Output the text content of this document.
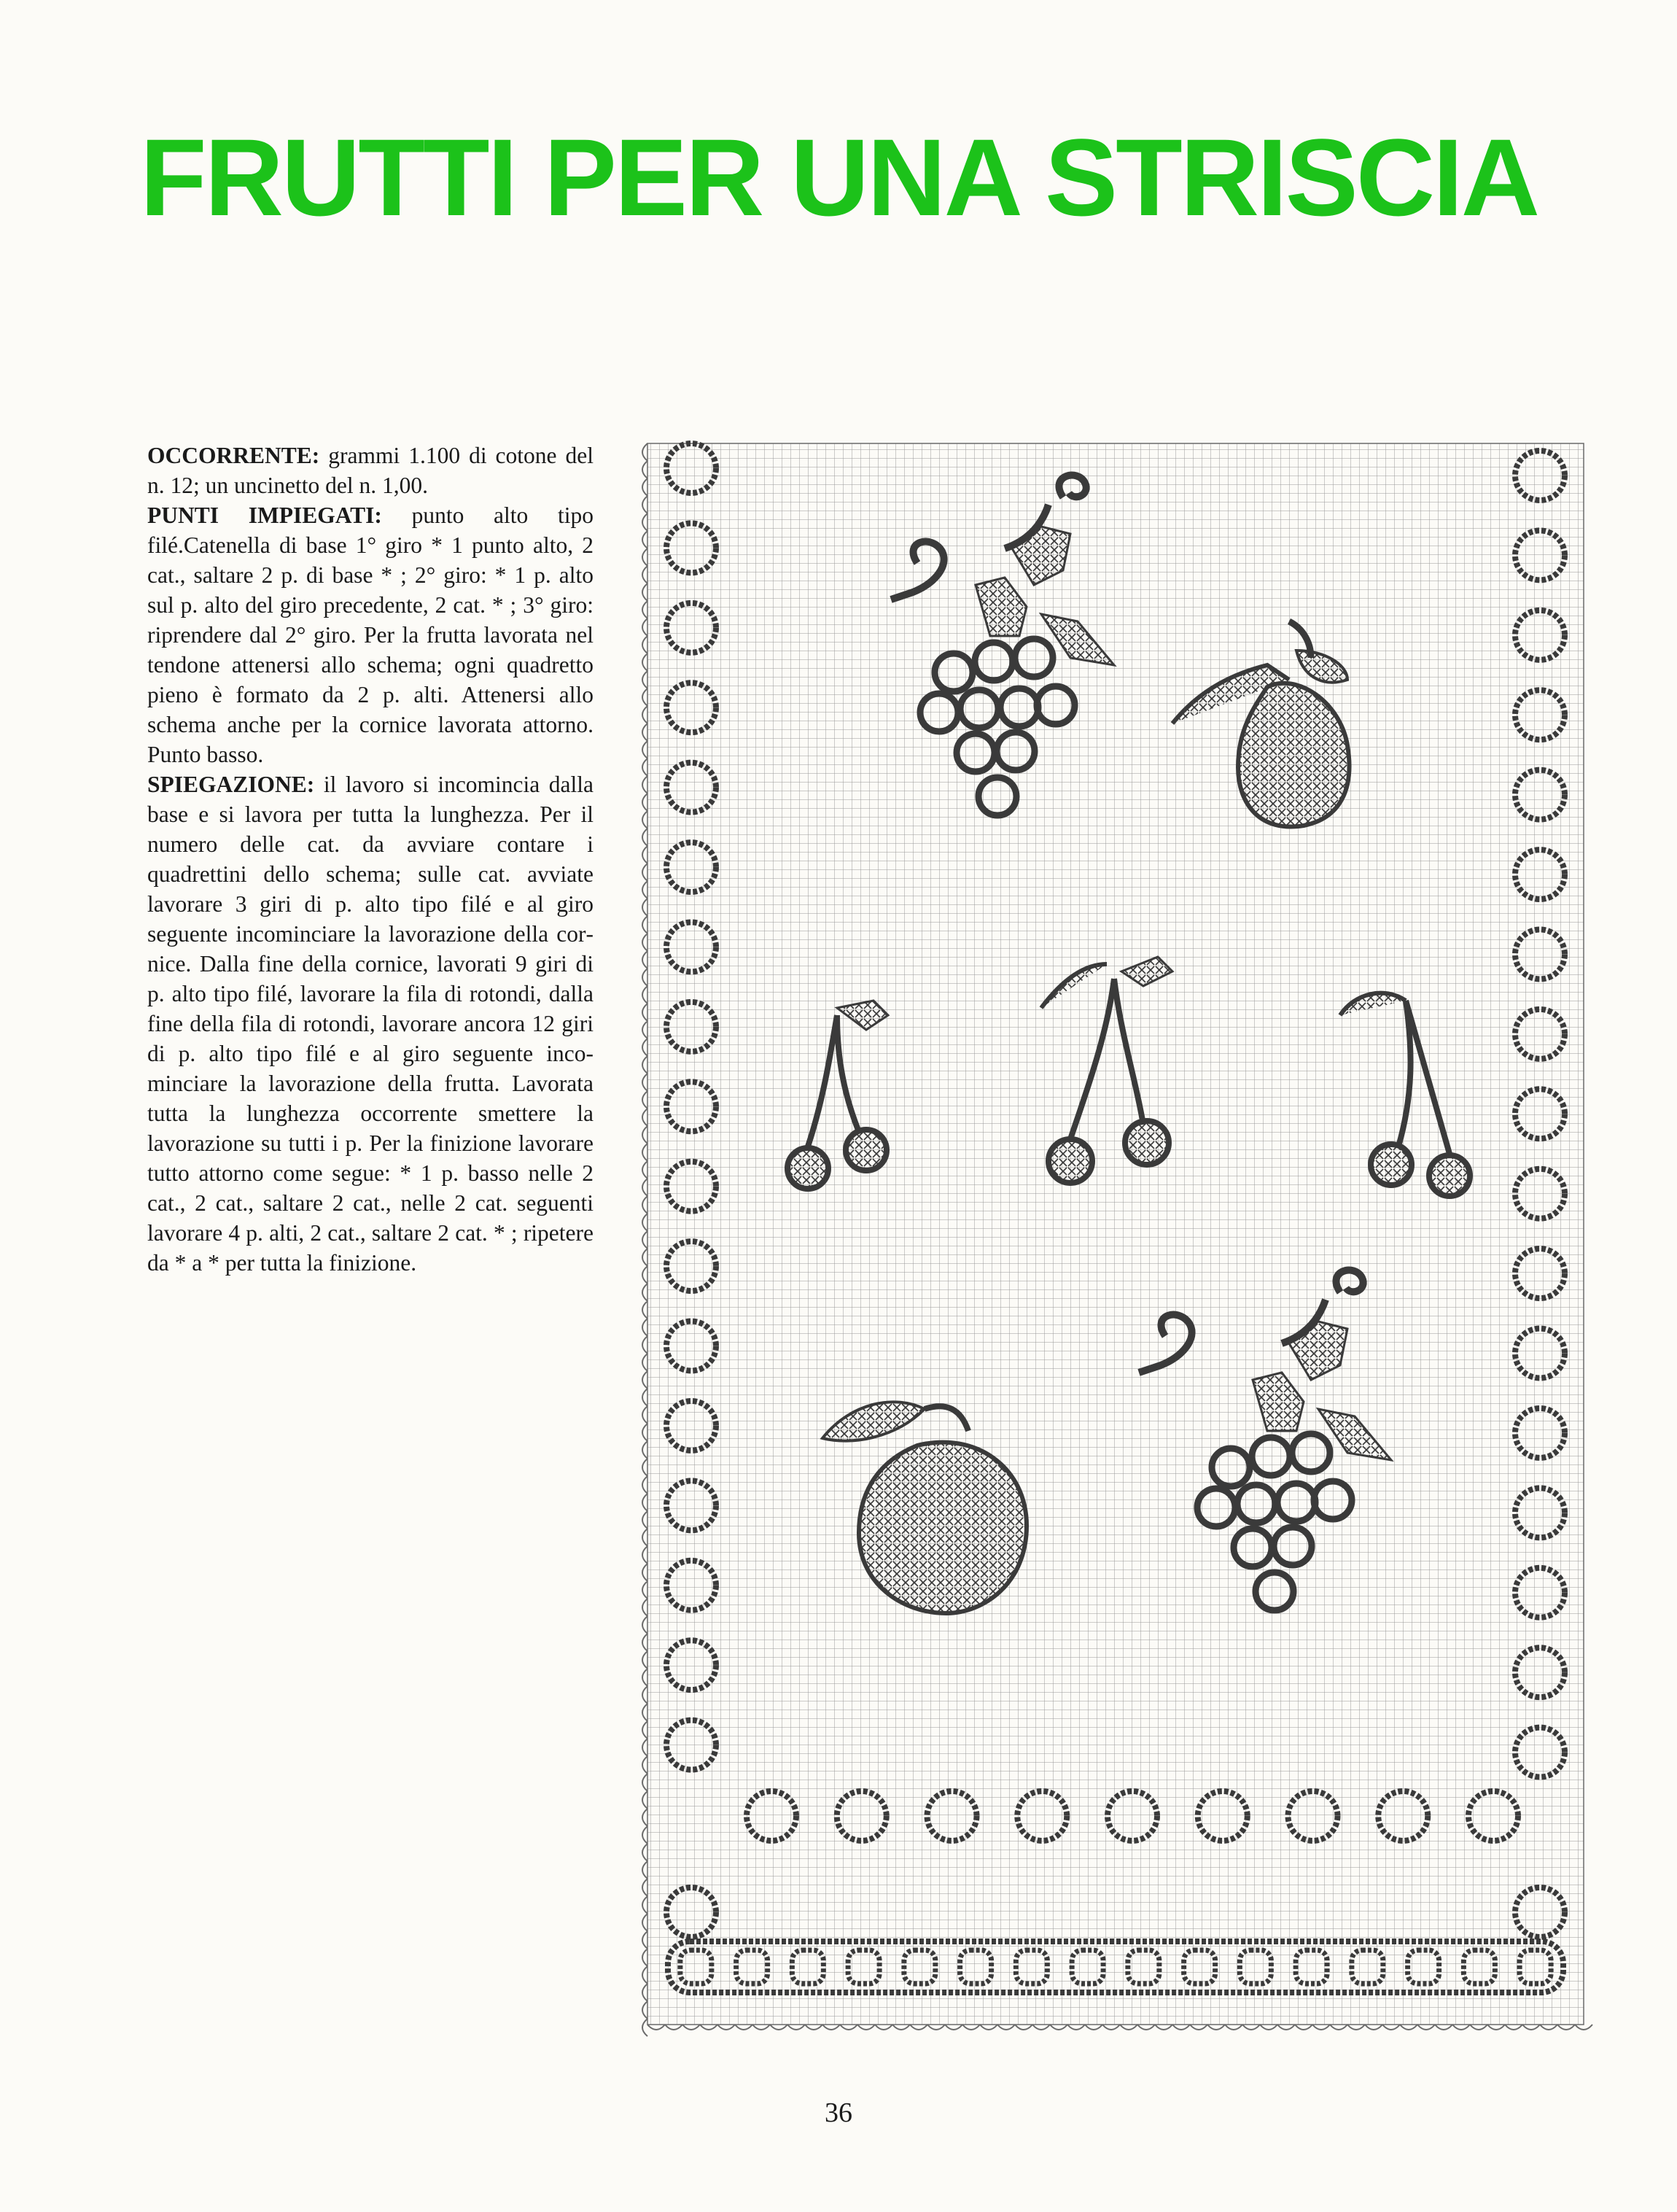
FRUTTI PER UNA STRISCIA

OCCORRENTE: grammi 1.100 di cotone del n. 12; un uncinetto del n. 1,00.

PUNTI IMPIEGATI: punto alto tipo filé.Catenella di base 1° giro * 1 punto alto, 2 cat., saltare 2 p. di base * ; 2° giro: * 1 p. alto sul p. alto del giro precedente, 2 cat. * ; 3° giro: riprendere dal 2° giro. Per la frutta lavorata nel tendone attenersi allo schema; ogni quadretto pieno è formato da 2 p. alti. Attenersi allo schema anche per la cornice lavorata attorno. Punto basso.

SPIEGAZIONE: il lavoro si incomincia dalla base e si lavora per tutta la lunghezza. Per il numero delle cat. da avviare contare i quadrettini dello schema; sulle cat. avviate lavorare 3 giri di p. alto tipo filé e al giro seguente incominciare la lavorazione della cornice. Dalla fine della cornice, lavorati 9 giri di p. alto tipo filé, lavorare la fila di rotondi, dalla fine della fila di rotondi, lavorare ancora 12 giri di p. alto tipo filé e al giro seguente incominciare la lavorazione della frutta. Lavorata tutta la lunghezza occorrente smettere la lavorazione su tutti i p. Per la finizione lavorare tutto attorno come segue: * 1 p. basso nelle 2 cat., 2 cat., saltare 2 cat., nelle 2 cat. seguenti lavorare 4 p. alti, 2 cat., saltare 2 cat. * ; ripetere da * a * per tutta la finizione.

36
